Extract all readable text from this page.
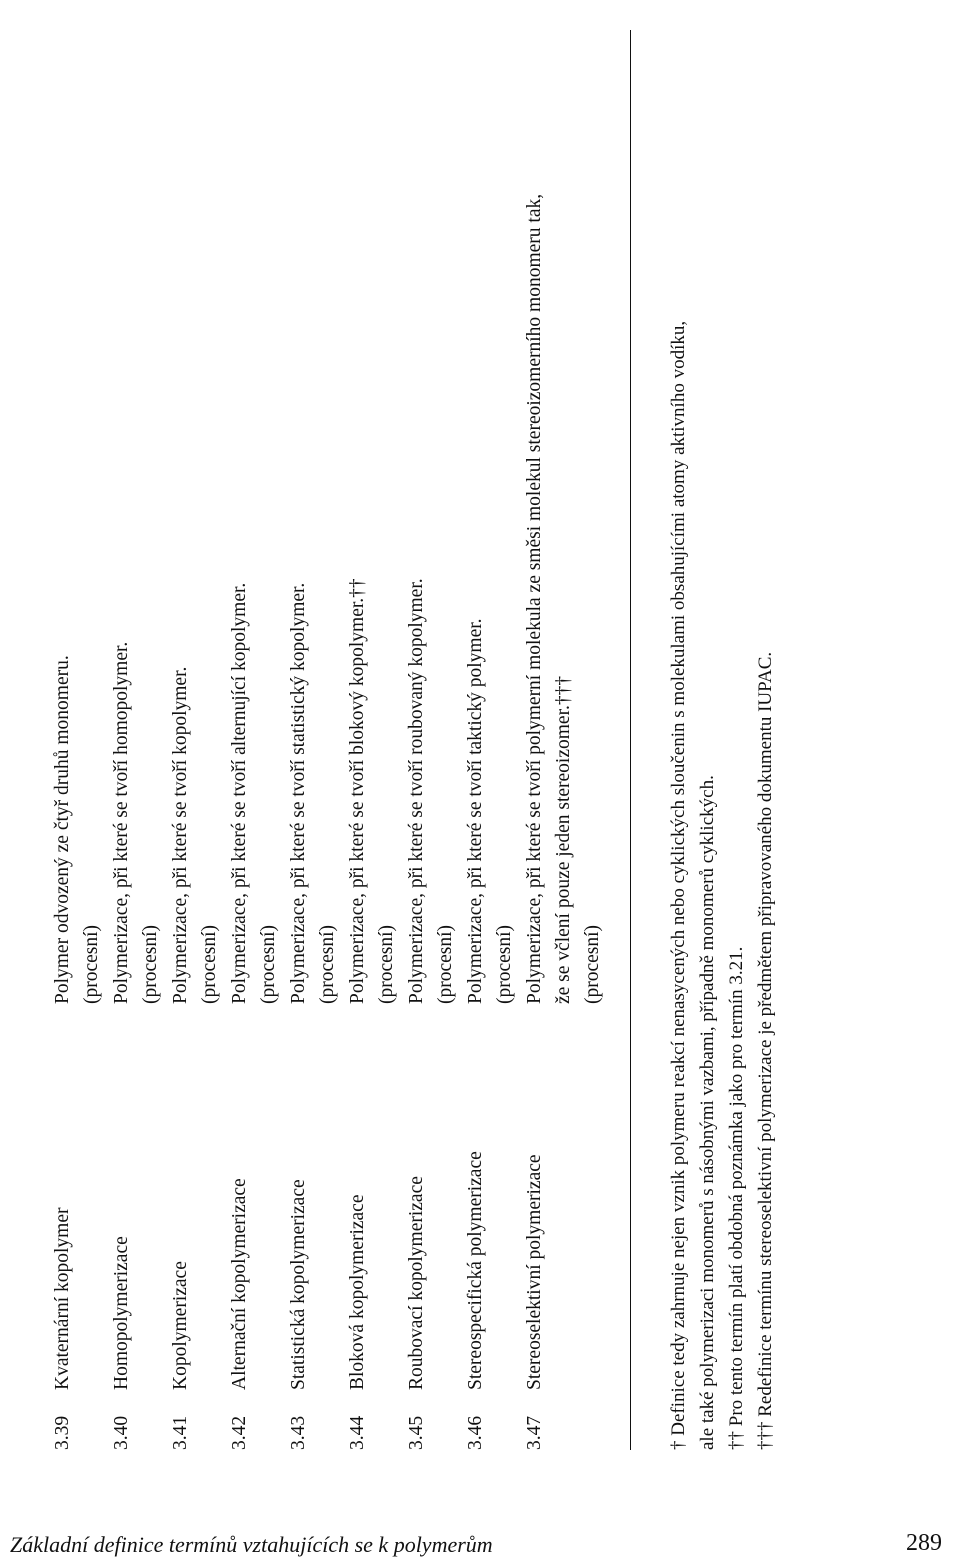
3.39
Kvaternární kopolymer
Polymer odvozený ze čtyř druhů monomeru. (procesní)
3.40
Homopolymerizace
Polymerizace, při které se tvoří homopolymer. (procesní)
3.41
Kopolymerizace
Polymerizace, při které se tvoří kopolymer. (procesní)
3.42
Alternační kopolymerizace
Polymerizace, při které se tvoří alternující kopolymer. (procesní)
3.43
Statistická kopolymerizace
Polymerizace, při které se tvoří statistický kopolymer. (procesní)
3.44
Bloková kopolymerizace
Polymerizace, při které se tvoří blokový kopolymer.†† (procesní)
3.45
Roubovací kopolymerizace
Polymerizace, při které se tvoří roubovaný kopolymer. (procesní)
3.46
Stereospecifická polymerizace
Polymerizace, při které se tvoří taktický polymer. (procesní)
3.47
Stereoselektivní polymerizace
Polymerizace, při které se tvoří polymerní molekula ze směsi molekul stereoizomerního monomeru tak, že se včlení pouze jeden stereoizomer.††† (procesní)	† Definice tedy zahrnuje nejen vznik polymeru reakcí nenasycených nebo cyklických sloučenin s molekulami obsahujícími atomy aktivního vodíku, ale také polymerizaci monomerů s násobnými vazbami, případně monomerů cyklických. †† Pro tento termín platí obdobná poznámka jako pro termín 3.21. ††† Redefinice termínu stereoselektivní polymerizace je předmětem připravovaného dokumentu IUPAC.
Základní definice termínů vztahujících se k polymerům	289
